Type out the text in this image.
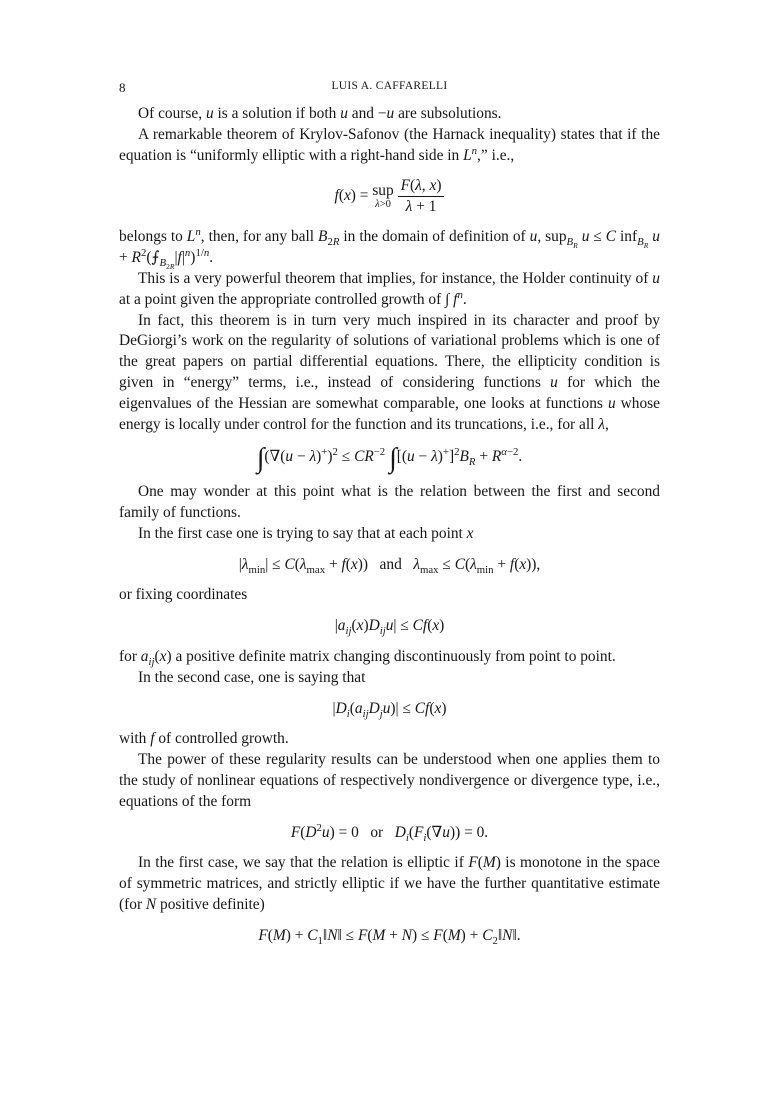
8	LUIS A. CAFFARELLI

Of course, u is a solution if both u and −u are subsolutions.

A remarkable theorem of Krylov-Safonov (the Harnack inequality) states that if the equation is “uniformly elliptic with a right-hand side in $L^n$,” i.e.,

f(x) = sup
λ>0
$\frac{F(\lambda, x)}{\lambda + 1}$

belongs to $L^n$, then, for any ball $B_{2R}$ in the domain of definition of u, sup$_{B_R}$ u ≤ C inf$_{B_R}$ $u + R^2(⨍_{B_{2R}}|f|^n)^{1/n}$.

This is a very powerful theorem that implies, for instance, the Holder continuity of u at a point given the appropriate controlled growth of ∫ $f^n$.

In fact, this theorem is in turn very much inspired in its character and proof by DeGiorgi’s work on the regularity of solutions of variational problems which is one of the great papers on partial differential equations. There, the ellipticity condition is given in “energy” terms, i.e., instead of considering functions u for which the eigenvalues of the Hessian are somewhat comparable, one looks at functions u whose energy is locally under control for the function and its truncations, i.e., for all λ,

$\int(\nabla(u - \lambda)^+)^2 \le CR^{-2}$ $\int[(u - \lambda)^+]^2B_R + R^{\alpha-2}$.

One may wonder at this point what is the relation between the first and second family of functions.

In the first case one is trying to say that at each point x

$|\lambda_{min}| \le C(\lambda_{max} + f(x))$   and   $\lambda_{max} \le C(\lambda_{min} + f(x))$,

or fixing coordinates

$|a_{ij}(x)D_{ij}u| \le Cf(x)$

for $a_{ij}(x)$ a positive definite matrix changing discontinuously from point to point.

In the second case, one is saying that

$|D_i(a_{ij}D_ju)| \le Cf(x)$

with f of controlled growth.

The power of these regularity results can be understood when one applies them to the study of nonlinear equations of respectively nondivergence or divergence type, i.e., equations of the form

$F(D^2u) = 0$   or   $D_i(F_i(\nabla u)) = 0$.

In the first case, we say that the relation is elliptic if F(M) is monotone in the space of symmetric matrices, and strictly elliptic if we have the further quantitative estimate (for N positive definite)

$F(M) + C_1‖N‖ \le F(M + N) \le F(M)$ + $C_2‖N‖$.
